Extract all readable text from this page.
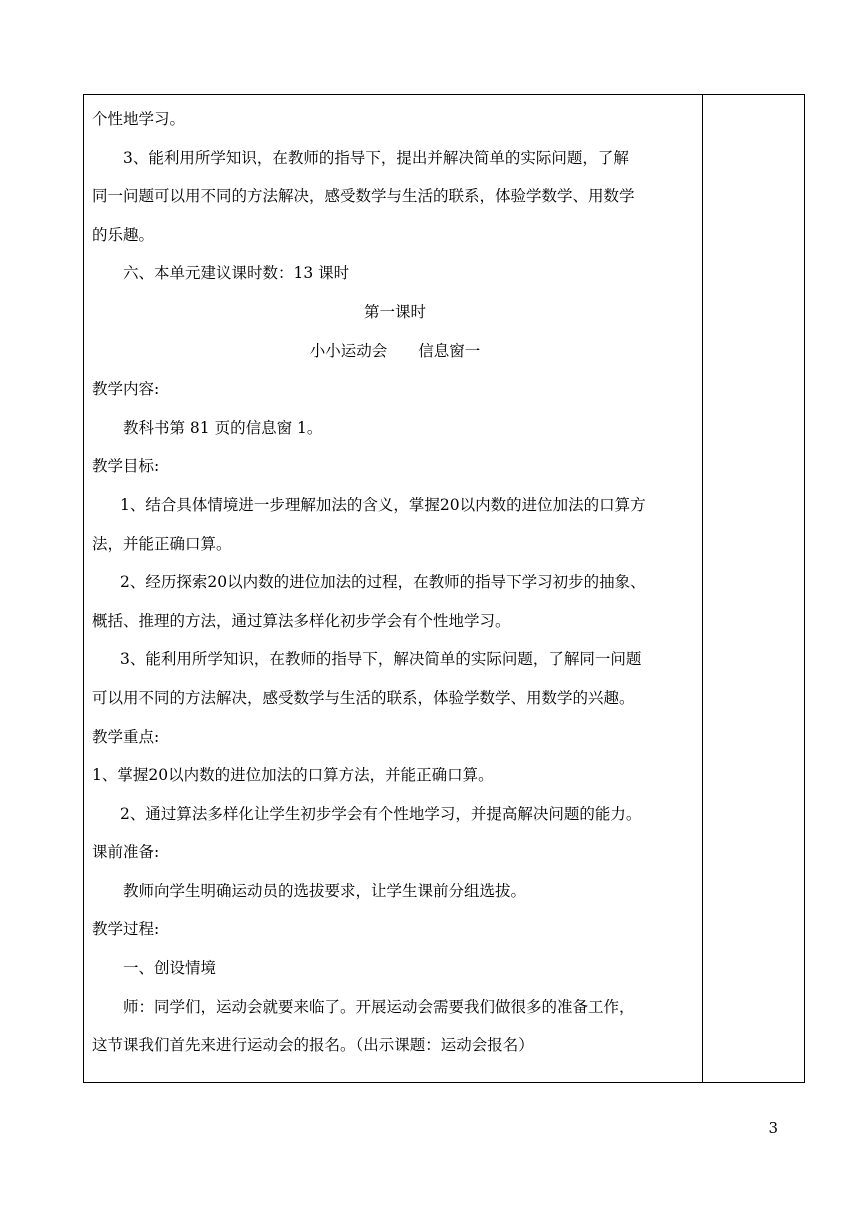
个性地学习。
3、能利用所学知识，在教师的指导下，提出并解决简单的实际问题，了解
同一问题可以用不同的方法解决，感受数学与生活的联系，体验学数学、用数学
的乐趣。
六、本单元建议课时数：13 课时
第一课时
小小运动会　　信息窗一
教学内容:
教科书第 81 页的信息窗 1。
教学目标:
1、结合具体情境进一步理解加法的含义，掌握20以内数的进位加法的口算方
法，并能正确口算。
2、经历探索20以内数的进位加法的过程，在教师的指导下学习初步的抽象、
概括、推理的方法，通过算法多样化初步学会有个性地学习。
3、能利用所学知识，在教师的指导下，解决简单的实际问题，了解同一问题
可以用不同的方法解决，感受数学与生活的联系，体验学数学、用数学的兴趣。
教学重点:
1、掌握20以内数的进位加法的口算方法，并能正确口算。
2、通过算法多样化让学生初步学会有个性地学习，并提高解决问题的能力。
课前准备:
教师向学生明确运动员的选拔要求，让学生课前分组选拔。
教学过程:
一、创设情境
师：同学们，运动会就要来临了。开展运动会需要我们做很多的准备工作，
这节课我们首先来进行运动会的报名。（出示课题：运动会报名）
3
